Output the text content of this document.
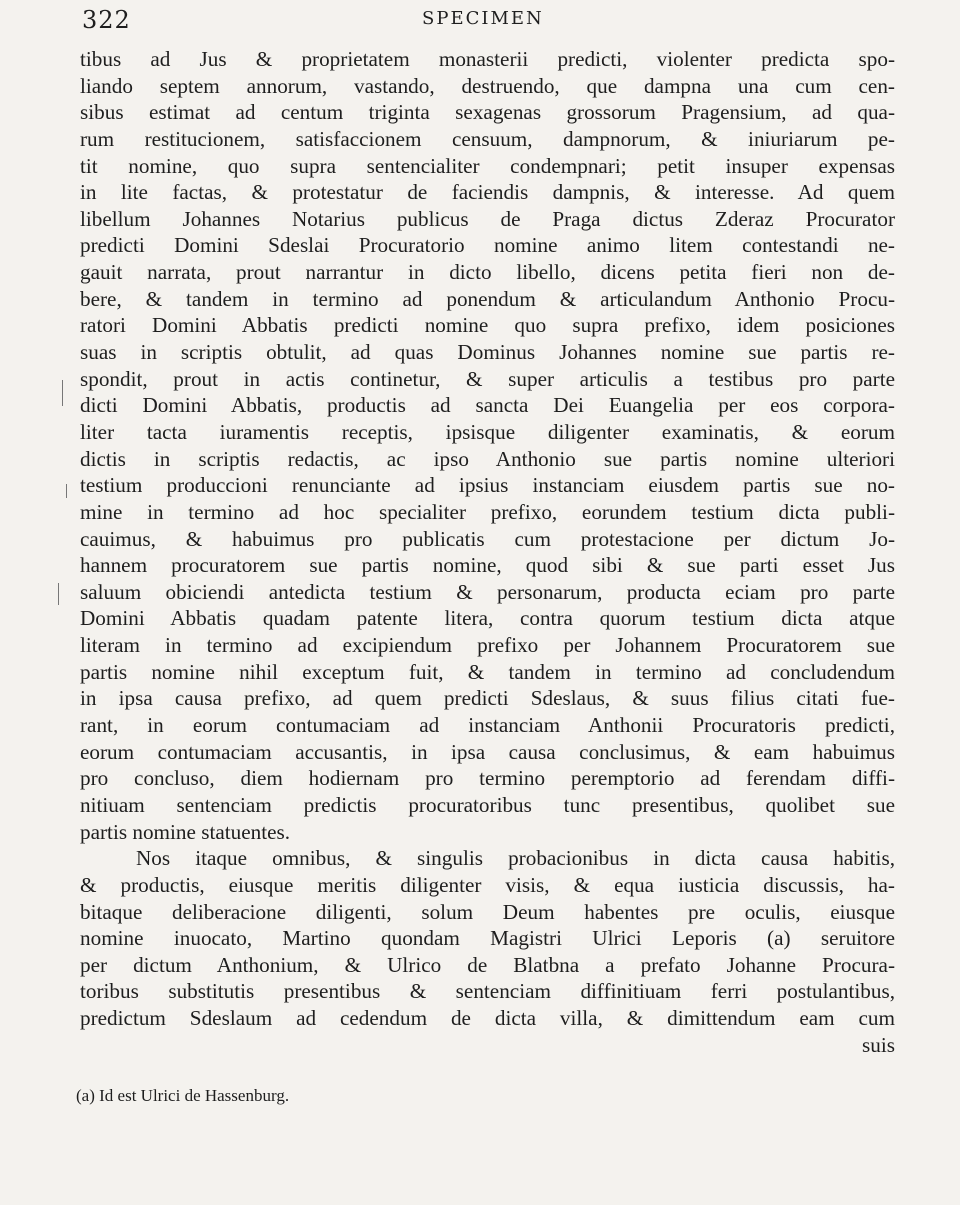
322	SPECIMEN
tibus ad Jus & proprietatem monasterii predicti, violenter predicta spo-
liando septem annorum, vastando, destruendo, que dampna una cum cen-
sibus estimat ad centum triginta sexagenas grossorum Pragensium, ad qua-
rum restitucionem, satisfaccionem censuum, dampnorum, & iniuriarum pe-
tit nomine, quo supra sentencialiter condempnari; petit insuper expensas
in lite factas, & protestatur de faciendis dampnis, & interesse. Ad quem
libellum Johannes Notarius publicus de Praga dictus Zderaz Procurator
predicti Domini Sdeslai Procuratorio nomine animo litem contestandi ne-
gauit narrata, prout narrantur in dicto libello, dicens petita fieri non de-
bere, & tandem in termino ad ponendum & articulandum Anthonio Procu-
ratori Domini Abbatis predicti nomine quo supra prefixo, idem posiciones
suas in scriptis obtulit, ad quas Dominus Johannes nomine sue partis re-
spondit, prout in actis continetur, & super articulis a testibus pro parte
dicti Domini Abbatis, productis ad sancta Dei Euangelia per eos corpora-
liter tacta iuramentis receptis, ipsisque diligenter examinatis, & eorum
dictis in scriptis redactis, ac ipso Anthonio sue partis nomine ulteriori
testium produccioni renunciante ad ipsius instanciam eiusdem partis sue no-
mine in termino ad hoc specialiter prefixo, eorundem testium dicta publi-
cauimus, & habuimus pro publicatis cum protestacione per dictum Jo-
hannem procuratorem sue partis nomine, quod sibi & sue parti esset Jus
saluum obiciendi antedicta testium & personarum, producta eciam pro parte
Domini Abbatis quadam patente litera, contra quorum testium dicta atque
literam in termino ad excipiendum prefixo per Johannem Procuratorem sue
partis nomine nihil exceptum fuit, & tandem in termino ad concludendum
in ipsa causa prefixo, ad quem predicti Sdeslaus, & suus filius citati fue-
rant, in eorum contumaciam ad instanciam Anthonii Procuratoris predicti,
eorum contumaciam accusantis, in ipsa causa conclusimus, & eam habuimus
pro concluso, diem hodiernam pro termino peremptorio ad ferendam diffi-
nitiuam sentenciam predictis procuratoribus tunc presentibus, quolibet sue
partis nomine statuentes.
Nos itaque omnibus, & singulis probacionibus in dicta causa habitis,
& productis, eiusque meritis diligenter visis, & equa iusticia discussis, ha-
bitaque deliberacione diligenti, solum Deum habentes pre oculis, eiusque
nomine inuocato, Martino quondam Magistri Ulrici Leporis (a) seruitore
per dictum Anthonium, & Ulrico de Blatbna a prefato Johanne Procura-
toribus substitutis presentibus & sentenciam diffinitiuam ferri postulantibus,
predictum Sdeslaum ad cedendum de dicta villa, & dimittendum eam cum
suis
(a) Id est Ulrici de Hassenburg.
